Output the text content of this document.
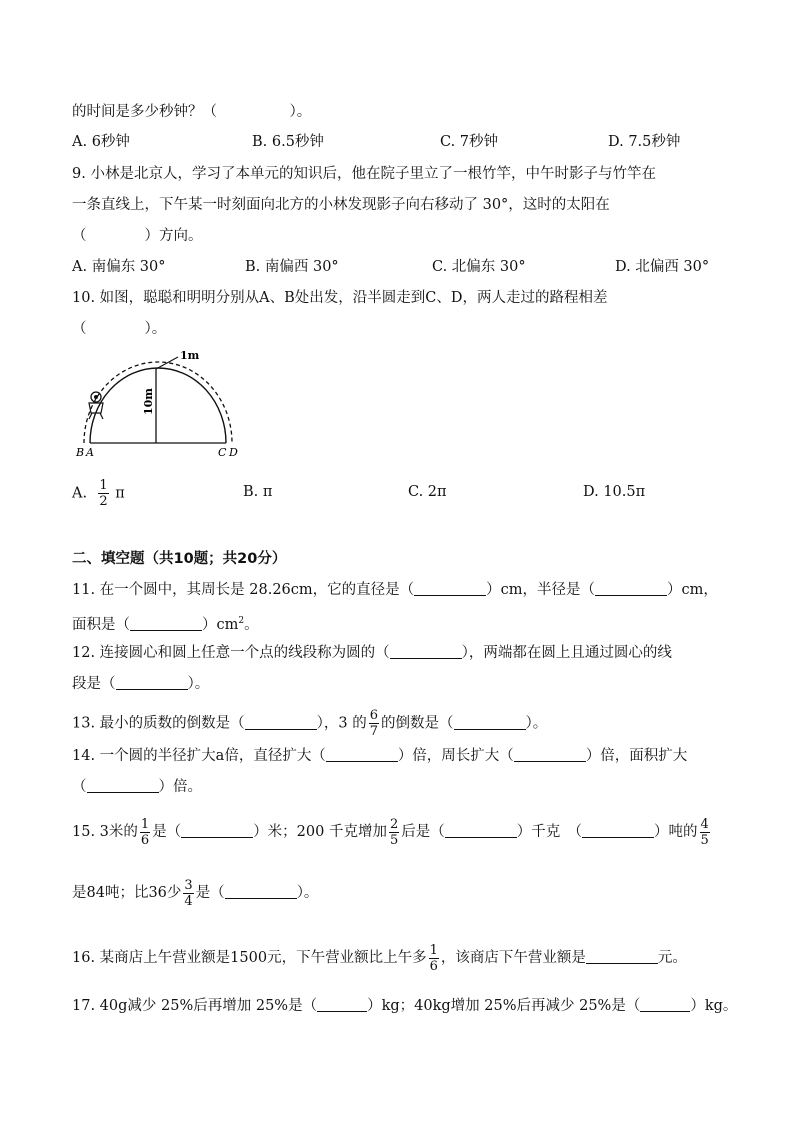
的时间是多少秒钟？（　　　　　）。
A. 6秒钟	B. 6.5秒钟	C. 7秒钟	D. 7.5秒钟
9. 小林是北京人，学习了本单元的知识后，他在院子里立了一根竹竿，中午时影子与竹竿在
一条直线上，下午某一时刻面向北方的小林发现影子向右移动了 30°，这时的太阳在
（　　　　）方向。
A. 南偏东 30°	B. 南偏西 30°	C. 北偏东 30°	D. 北偏西 30°
10. 如图，聪聪和明明分别从A、B处出发，沿半圆走到C、D，两人走过的路程相差
（　　　　）。
1m
10m
B A	C D
A. $\frac{1}{2}$ π	B. π	C. 2π	D. 10.5π
二、填空题（共10题；共20分）
11. 在一个圆中，其周长是 28.26cm，它的直径是（	）cm，半径是（	）cm，
面积是（	）$cm^2$。
12. 连接圆心和圆上任意一个点的线段称为圆的（	），两端都在圆上且通过圆心的线
段是（	）。
13. 最小的质数的倒数是（	），3 的 $\frac{6}{7}$ 的倒数是（	）。
14. 一个圆的半径扩大a倍，直径扩大（	）倍，周长扩大（	）倍，面积扩大
（	）倍。
15. 3米的 $\frac{1}{6}$ 是（	）米；200 千克增加 $\frac{2}{5}$ 后是（	）千克　（	）吨的 $\frac{4}{5}$
是84吨；比36少 $\frac{3}{4}$ 是（	）。
16. 某商店上午营业额是1500元，下午营业额比上午多 $\frac{1}{6}$ ，该商店下午营业额是	元。
17. 40g减少 25%后再增加 25%是（	）kg；40kg增加 25%后再减少 25%是（	）kg。
